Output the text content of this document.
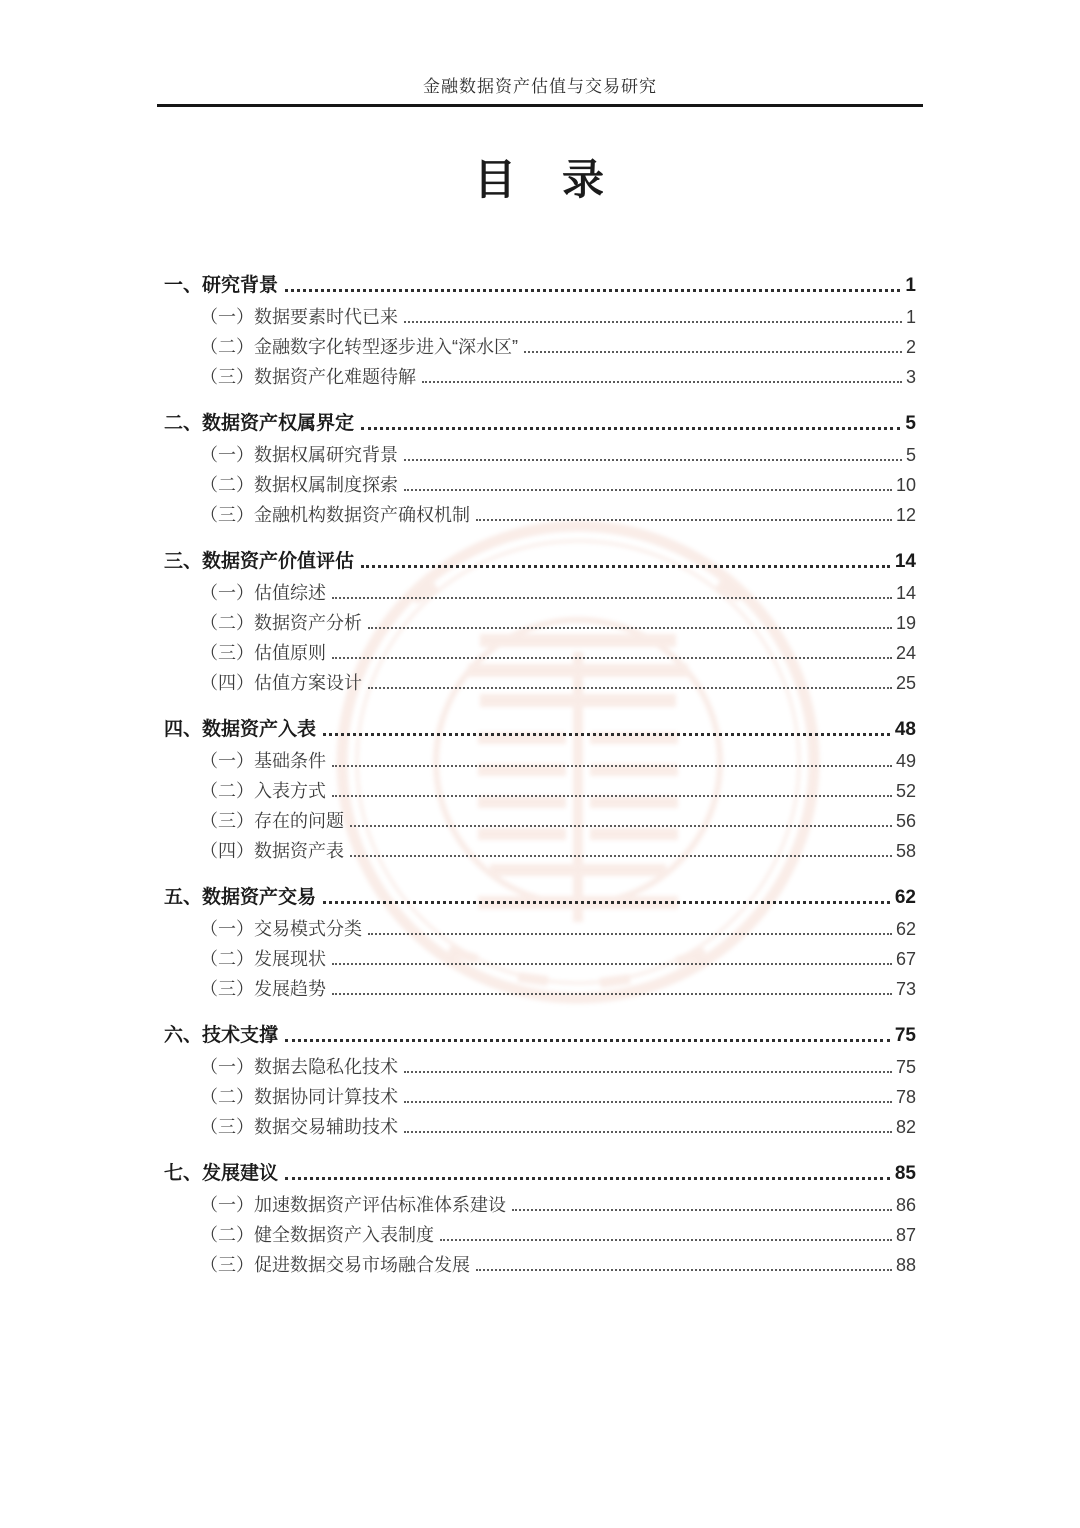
金融数据资产估值与交易研究
目　录
一、研究背景	1
（一）数据要素时代已来	1
（二）金融数字化转型逐步进入“深水区”	2
（三）数据资产化难题待解	3
二、数据资产权属界定	5
（一）数据权属研究背景	5
（二）数据权属制度探索	10
（三）金融机构数据资产确权机制	12
三、数据资产价值评估	14
（一）估值综述	14
（二）数据资产分析	19
（三）估值原则	24
（四）估值方案设计	25
四、数据资产入表	48
（一）基础条件	49
（二）入表方式	52
（三）存在的问题	56
（四）数据资产表	58
五、数据资产交易	62
（一）交易模式分类	62
（二）发展现状	67
（三）发展趋势	73
六、技术支撑	75
（一）数据去隐私化技术	75
（二）数据协同计算技术	78
（三）数据交易辅助技术	82
七、发展建议	85
（一）加速数据资产评估标准体系建设	86
（二）健全数据资产入表制度	87
（三）促进数据交易市场融合发展	88
